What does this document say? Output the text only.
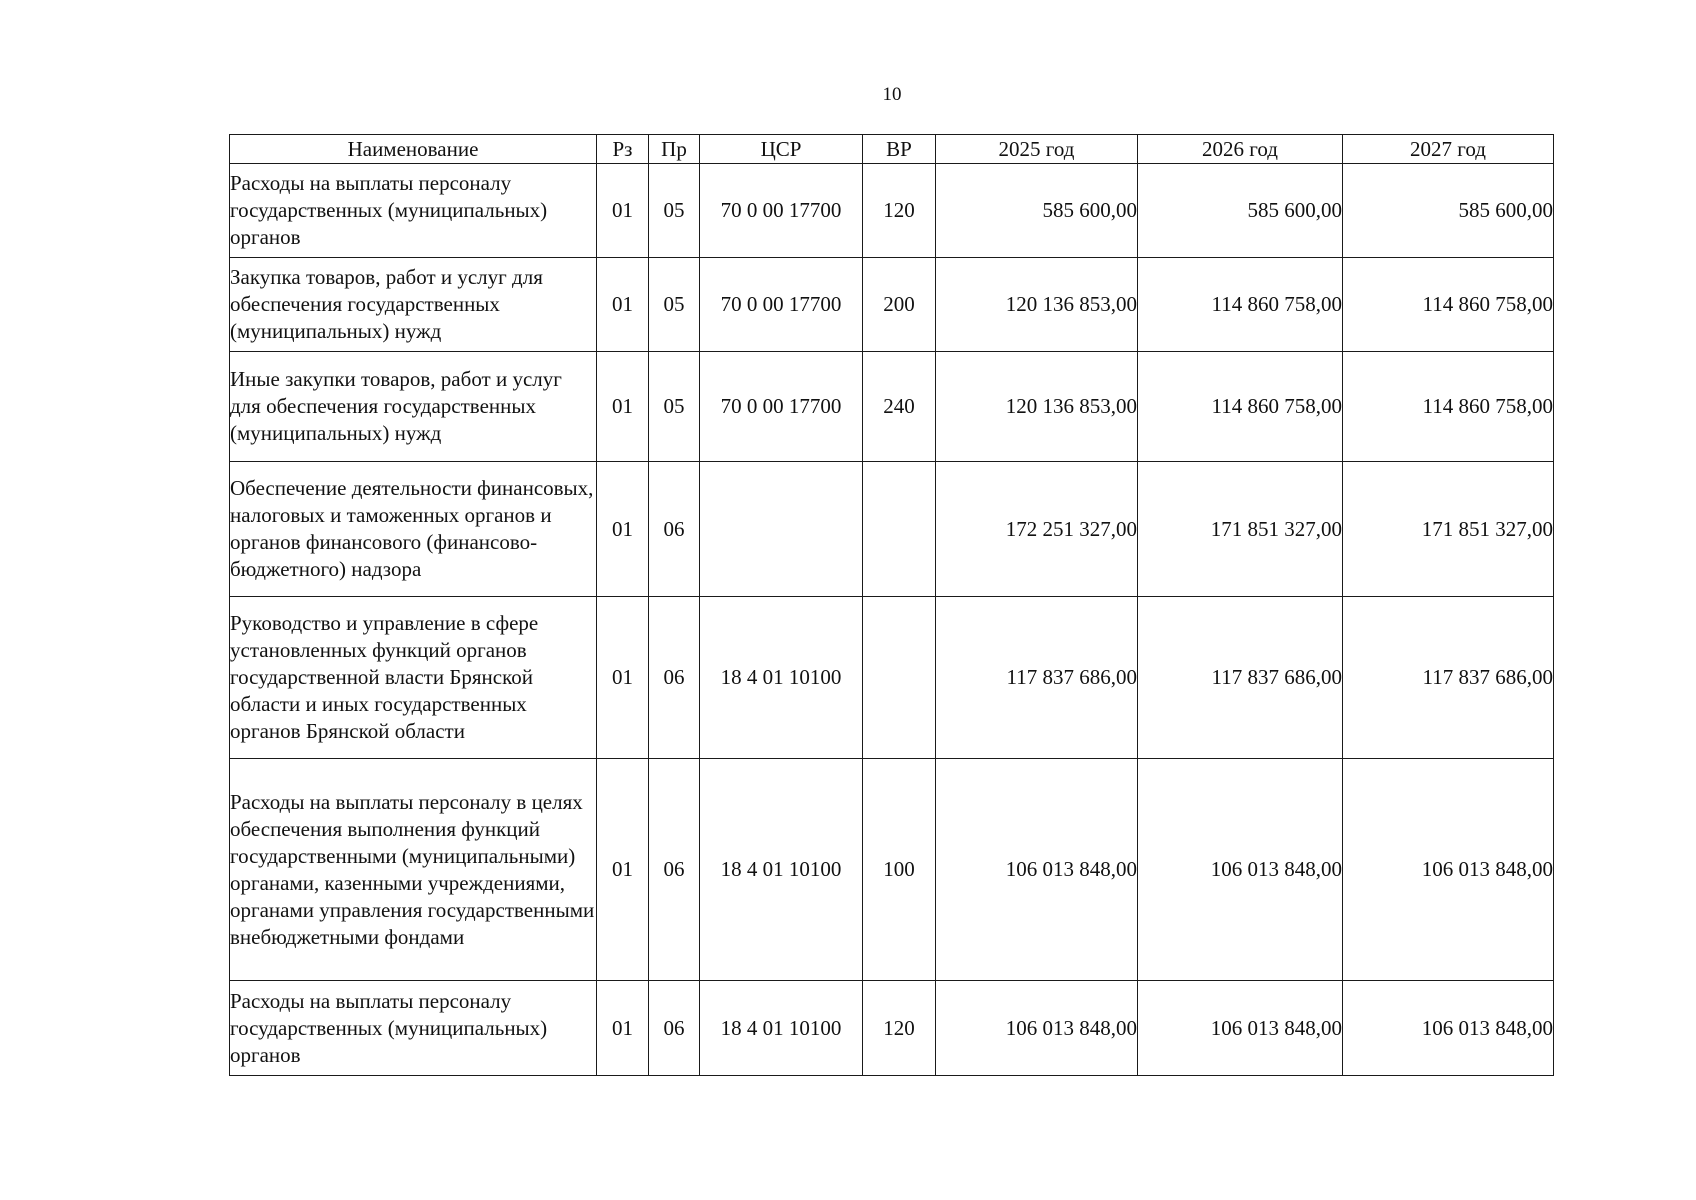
10
Наименование	Рз	Пр	ЦСР	ВР	2025 год	2026 год	2027 год
Расходы на выплаты персоналу государственных (муниципальных) органов	01	05	70 0 00 17700	120	585 600,00	585 600,00	585 600,00
Закупка товаров, работ и услуг для обеспечения государственных (муниципальных) нужд	01	05	70 0 00 17700	200	120 136 853,00	114 860 758,00	114 860 758,00
Иные закупки товаров, работ и услуг для обеспечения государственных (муниципальных) нужд	01	05	70 0 00 17700	240	120 136 853,00	114 860 758,00	114 860 758,00
Обеспечение деятельности финансовых, налоговых и таможенных органов и органов финансового (финансово-бюджетного) надзора	01	06			172 251 327,00	171 851 327,00	171 851 327,00
Руководство и управление в сфере установленных функций органов государственной власти Брянской области и иных государственных органов Брянской области	01	06	18 4 01 10100		117 837 686,00	117 837 686,00	117 837 686,00
Расходы на выплаты персоналу в целях обеспечения выполнения функций государственными (муниципальными) органами, казенными учреждениями, органами управления государственными внебюджетными фондами	01	06	18 4 01 10100	100	106 013 848,00	106 013 848,00	106 013 848,00
Расходы на выплаты персоналу государственных (муниципальных) органов	01	06	18 4 01 10100	120	106 013 848,00	106 013 848,00	106 013 848,00
